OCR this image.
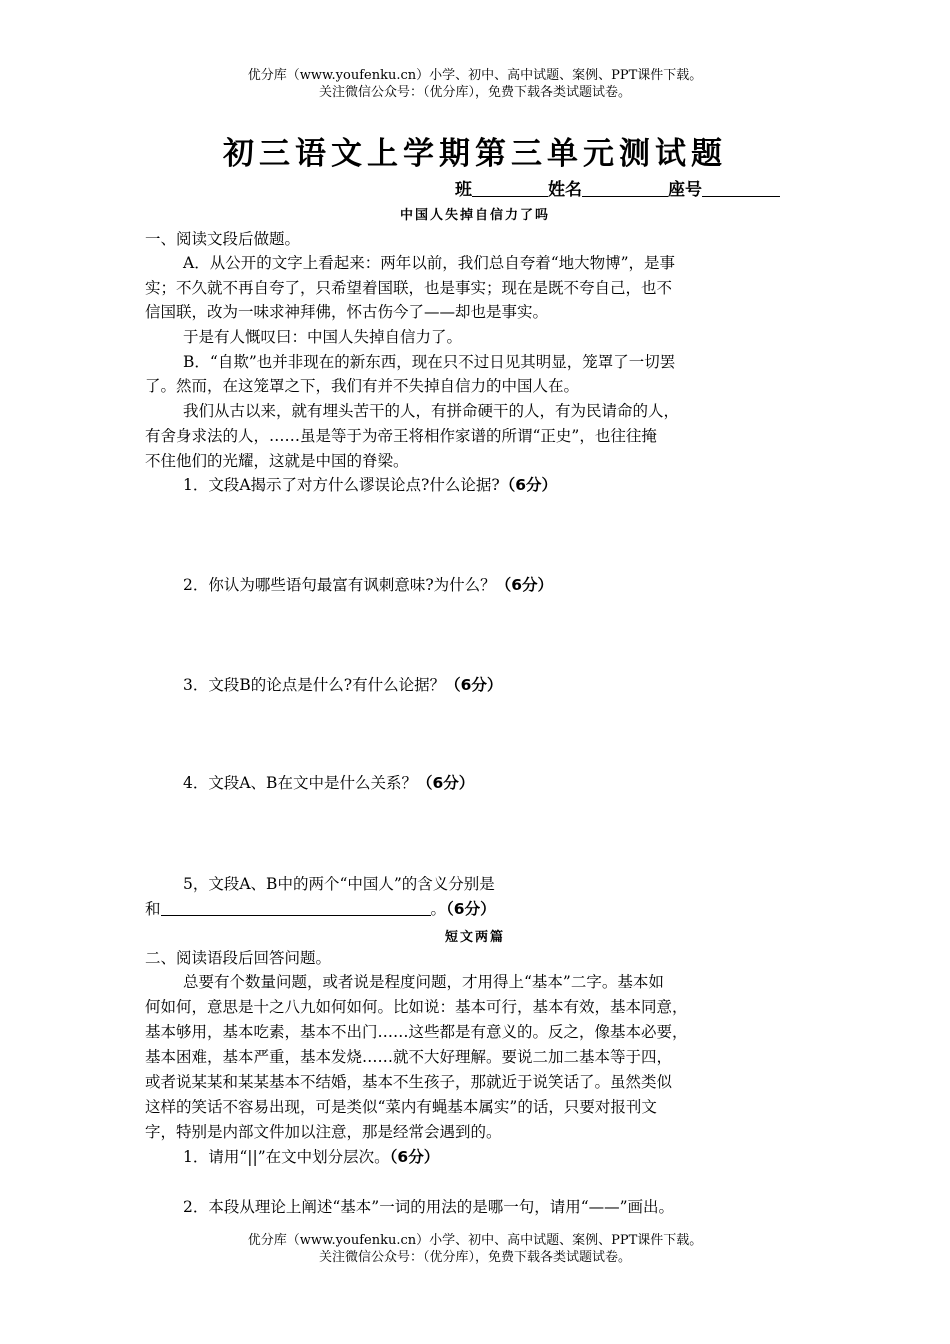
优分库（www.youfenku.cn）小学、初中、高中试题、案例、PPT课件下载。
关注微信公众号：（优分库），免费下载各类试题试卷。
初三语文上学期第三单元测试题
班	姓名	座号
中国人失掉自信力了吗
一、阅读文段后做题。
A．从公开的文字上看起来：两年以前，我们总自夸着“地大物博”，是事
实；不久就不再自夸了，只希望着国联，也是事实；现在是既不夸自己，也不
信国联，改为一味求神拜佛，怀古伤今了——却也是事实。
于是有人慨叹曰：中国人失掉自信力了。
B．“自欺”也并非现在的新东西，现在只不过日见其明显，笼罩了一切罢
了。然而，在这笼罩之下，我们有并不失掉自信力的中国人在。
我们从古以来，就有埋头苦干的人，有拼命硬干的人，有为民请命的人，
有舍身求法的人，……虽是等于为帝王将相作家谱的所谓“正史”，也往往掩
不住他们的光耀，这就是中国的脊梁。
1．文段A揭示了对方什么谬误论点?什么论据?（6分）
2．你认为哪些语句最富有讽刺意味?为什么？（6分）
3．文段B的论点是什么?有什么论据？（6分）
4．文段A、B在文中是什么关系？（6分）
5，文段A、B中的两个“中国人”的含义分别是
和	。（6分）
短文两篇
二、阅读语段后回答问题。
总要有个数量问题，或者说是程度问题，才用得上“基本”二字。基本如
何如何，意思是十之八九如何如何。比如说：基本可行，基本有效，基本同意，
基本够用，基本吃素，基本不出门……这些都是有意义的。反之，像基本必要，
基本困难，基本严重，基本发烧……就不大好理解。要说二加二基本等于四，
或者说某某和某某基本不结婚，基本不生孩子，那就近于说笑话了。虽然类似
这样的笑话不容易出现，可是类似“菜内有蝇基本属实”的话，只要对报刊文
字，特别是内部文件加以注意，那是经常会遇到的。
1．请用“||”在文中划分层次。（6分）
2．本段从理论上阐述“基本”一词的用法的是哪一句，请用“——”画出。
优分库（www.youfenku.cn）小学、初中、高中试题、案例、PPT课件下载。
关注微信公众号：（优分库），免费下载各类试题试卷。
